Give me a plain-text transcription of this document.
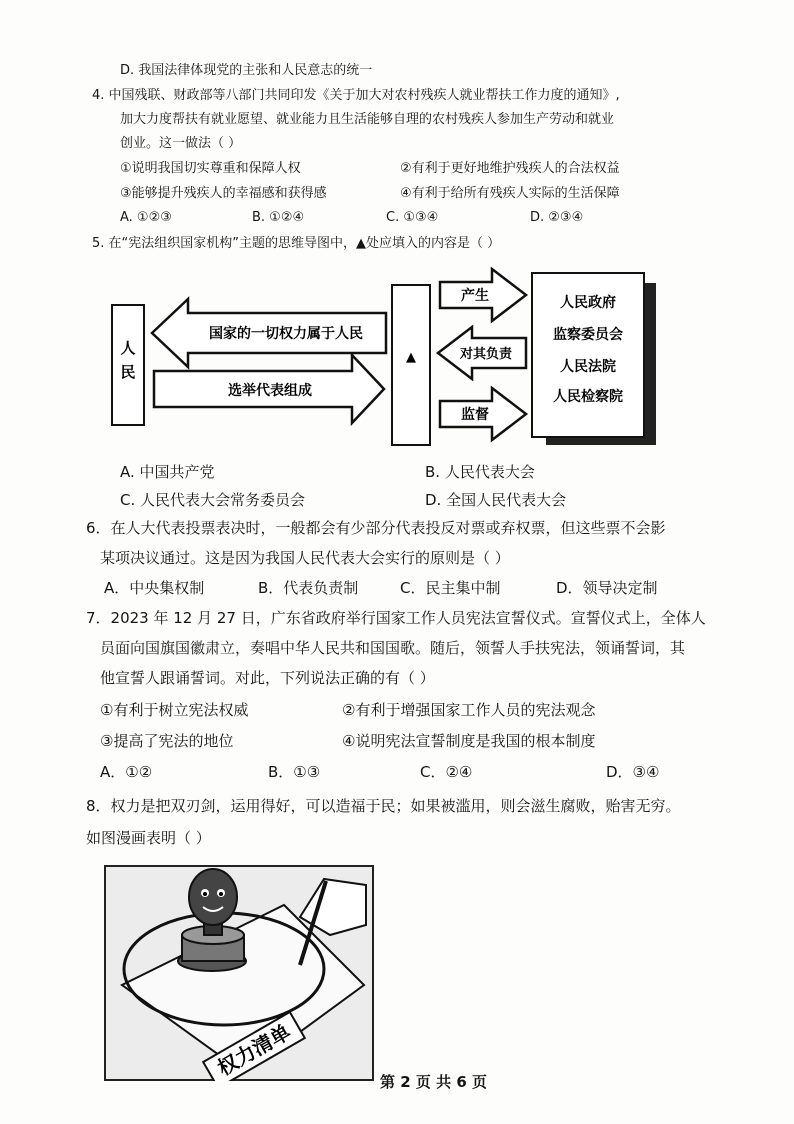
D. 我国法律体现党的主张和人民意志的统一
4. 中国残联、财政部等八部门共同印发《关于加大对农村残疾人就业帮扶工作力度的通知》,
加大力度帮扶有就业愿望、就业能力且生活能够自理的农村残疾人参加生产劳动和就业
创业。这一做法（ ）
①说明我国切实尊重和保障人权	②有利于更好地维护残疾人的合法权益
③能够提升残疾人的幸福感和获得感	④有利于给所有残疾人实际的生活保障
A. ①②③	B. ①②④	C. ①③④	D. ②③④
5. 在“宪法组织国家机构”主题的思维导图中，▲处应填入的内容是（ ）
人
民
国家的一切权力属于人民
选举代表组成
▲
产生
对其负责
监督
人民政府
监察委员会
人民法院
人民检察院
A. 中国共产党	B. 人民代表大会
C. 人民代表大会常务委员会	D. 全国人民代表大会
6．在人大代表投票表决时，一般都会有少部分代表投反对票或弃权票，但这些票不会影
某项决议通过。这是因为我国人民代表大会实行的原则是（ ）
A．中央集权制	B．代表负责制	C．民主集中制	D．领导决定制
7．2023 年 12 月 27 日，广东省政府举行国家工作人员宪法宣誓仪式。宣誓仪式上，全体人
员面向国旗国徽肃立，奏唱中华人民共和国国歌。随后，领誓人手扶宪法，领诵誓词，其
他宣誓人跟诵誓词。对此，下列说法正确的有（ ）
①有利于树立宪法权威	②有利于增强国家工作人员的宪法观念
③提高了宪法的地位	④说明宪法宣誓制度是我国的根本制度
A．①②	B．①③	C．②④	D．③④
8．权力是把双刃剑，运用得好，可以造福于民；如果被滥用，则会滋生腐败，贻害无穷。
如图漫画表明（ ）
权力清单
第 2 页 共 6 页
